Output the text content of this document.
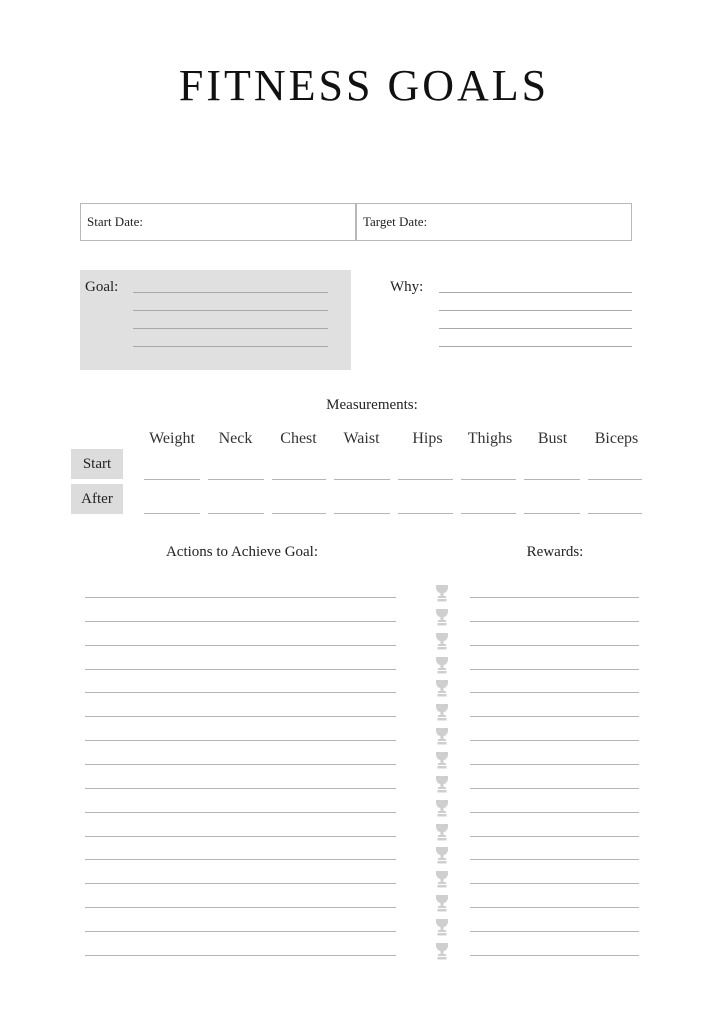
FITNESS GOALS
Start Date:	Target Date:
Goal:	Why:
Measurements:
Weight	Neck	Chest	Waist	Hips	Thighs	Bust	Biceps
Start
After
Actions to Achieve Goal:	Rewards:
